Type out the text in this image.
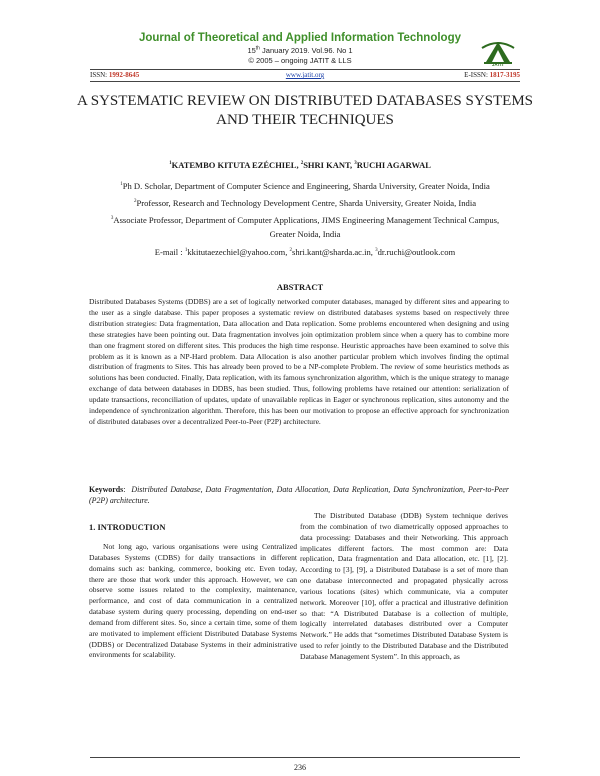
Journal of Theoretical and Applied Information Technology
15th January 2019. Vol.96. No 1
© 2005 – ongoing JATIT & LLS	JATIT
ISSN: 1992-8645	www.jatit.org	E-ISSN: 1817-3195
A SYSTEMATIC REVIEW ON DISTRIBUTED DATABASES SYSTEMS AND THEIR TECHNIQUES
$^1$KATEMBO KITUTA EZÉCHIEL, $^2$SHRI KANT, $^3$RUCHI AGARWAL
$^1$Ph D. Scholar, Department of Computer Science and Engineering, Sharda University, Greater Noida, India
$^2$Professor, Research and Technology Development Centre, Sharda University, Greater Noida, India
$^3$Associate Professor, Department of Computer Applications, JIMS Engineering Management Technical Campus, Greater Noida, India
E-mail : $^1$kkitutaezechiel@yahoo.com, $^2$shri.kant@sharda.ac.in, $^3$dr.ruchi@outlook.com
ABSTRACT

Distributed Databases Systems (DDBS) are a set of logically networked computer databases, managed by different sites and appearing to the user as a single database. This paper proposes a systematic review on distributed databases systems based on respectively three distribution strategies: Data fragmentation, Data allocation and Data replication. Some problems encountered when designing and using these strategies have been pointing out. Data fragmentation involves join optimization problem since when a query has to combine more than one fragment stored on different sites. This produces the high time response. Heuristic approaches have been examined to solve this problem as it is known as a NP-Hard problem. Data Allocation is also another particular problem which involves finding the optimal distribution of fragments to Sites. This has already been proved to be a NP-complete Problem. The review of some heuristics methods as solutions has been conducted. Finally, Data replication, with its famous synchronization algorithm, which is the unique strategy to manage exchange of data between databases in DDBS, has been studied. Thus, following problems have retained our attention: serialization of update transactions, reconciliation of updates, update of unavailable replicas in Eager or synchronous replication, sites autonomy and the independence of synchronization algorithm. Therefore, this has been our motivation to propose an effective approach for synchronization of distributed databases over a decentralized Peer-to-Peer (P2P) architecture.

Keywords:  Distributed Database, Data Fragmentation, Data Allocation, Data Replication, Data Synchronization, Peer-to-Peer (P2P) architecture.

1. INTRODUCTION

Not long ago, various organisations were using Centralized Databases Systems (CDBS) for daily transactions in different domains such as: banking, commerce, booking etc. Even today, there are those that work under this approach. However, we can observe some issues related to the complexity, maintenance, performance, and cost of data communication in a centralized database system during query processing, depending on end-user demand from different sites. So, since a certain time, some of them are motivated to implement efficient Distributed Database Systems (DDBS) or Decentralized Database Systems in their administrative environments for scalability.

The Distributed Database (DDB) System technique derives from the combination of two diametrically opposed approaches to data processing: Databases and their Networking. This approach implicates different factors. The most common are: Data replication, Data fragmentation and Data allocation, etc. [1], [2]. According to [3], [9], a Distributed Database is a set of more than one database interconnected and propagated physically across various locations (sites) which communicate, via a computer network. Moreover [10], offer a practical and illustrative definition so that: “A Distributed Database is a collection of multiple, logically interrelated databases distributed over a Computer Network.” He adds that “sometimes Distributed Database System is used to refer jointly to the Distributed Database and the Distributed Database Management System”. In this approach, as

236
